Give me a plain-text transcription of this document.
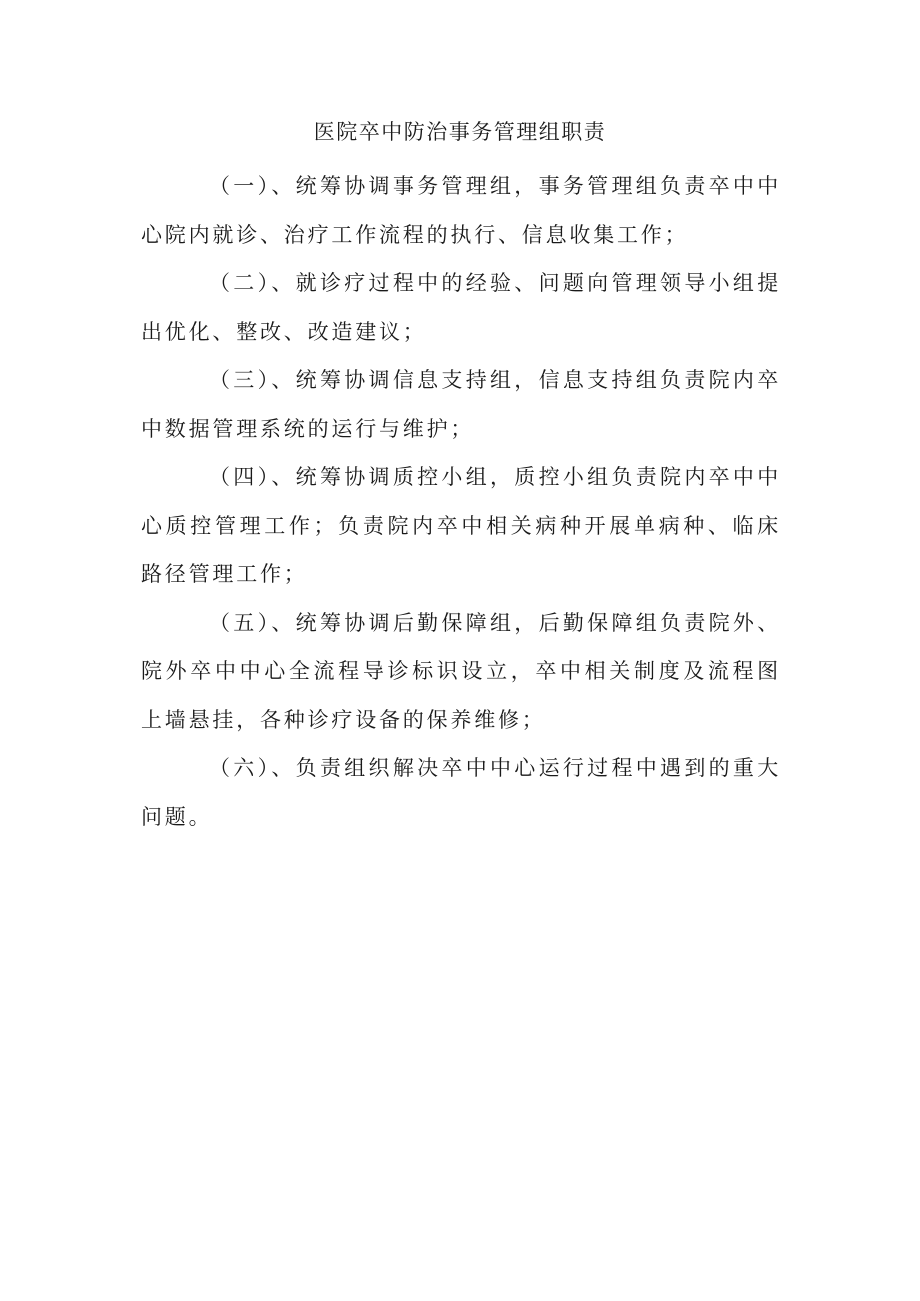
医院卒中防治事务管理组职责

（一）、统筹协调事务管理组，事务管理组负责卒中中心院内就诊、治疗工作流程的执行、信息收集工作；

（二）、就诊疗过程中的经验、问题向管理领导小组提出优化、整改、改造建议；

（三）、统筹协调信息支持组，信息支持组负责院内卒中数据管理系统的运行与维护；

（四）、统筹协调质控小组，质控小组负责院内卒中中心质控管理工作；负责院内卒中相关病种开展单病种、临床路径管理工作；

（五）、统筹协调后勤保障组，后勤保障组负责院外、院外卒中中心全流程导诊标识设立，卒中相关制度及流程图上墙悬挂，各种诊疗设备的保养维修；

（六）、负责组织解决卒中中心运行过程中遇到的重大问题。
